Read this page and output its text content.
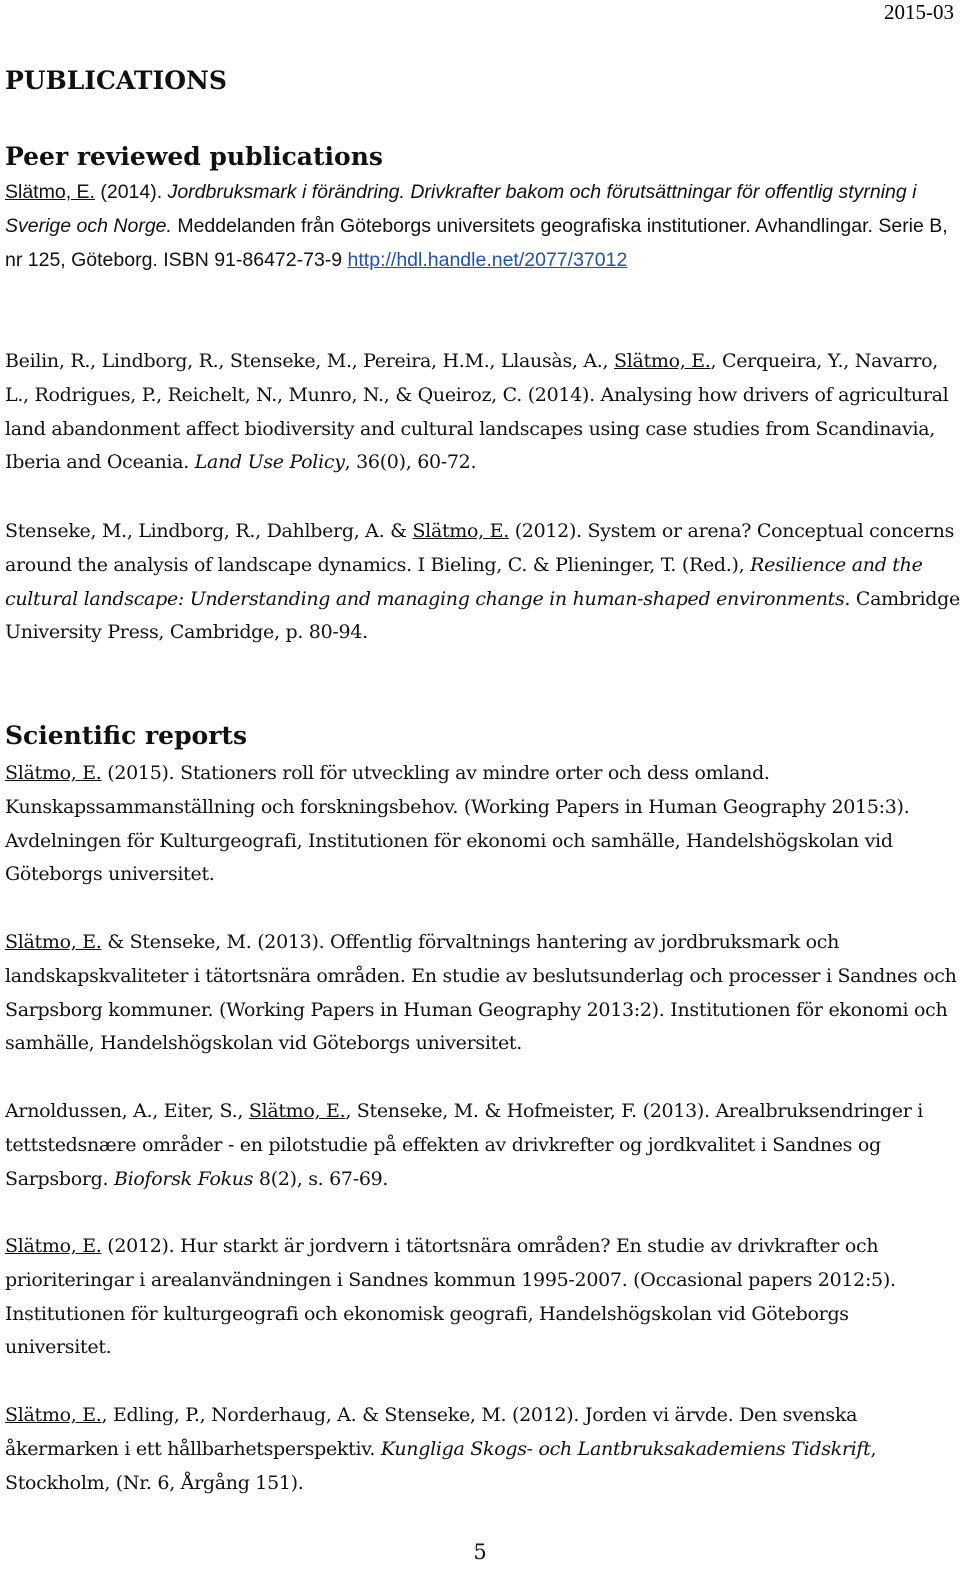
2015-03
PUBLICATIONS
Peer reviewed publications

Slätmo, E. (2014). Jordbruksmark i förändring. Drivkrafter bakom och förutsättningar för offentlig styrning i Sverige och Norge. Meddelanden från Göteborgs universitets geografiska institutioner. Avhandlingar. Serie B, nr 125, Göteborg. ISBN 91-86472-73-9 http://hdl.handle.net/2077/37012

Beilin, R., Lindborg, R., Stenseke, M., Pereira, H.M., Llausàs, A., Slätmo, E., Cerqueira, Y., Navarro, L., Rodrigues, P., Reichelt, N., Munro, N., & Queiroz, C. (2014). Analysing how drivers of agricultural land abandonment affect biodiversity and cultural landscapes using case studies from Scandinavia, Iberia and Oceania. Land Use Policy, 36(0), 60-72.

Stenseke, M., Lindborg, R., Dahlberg, A. & Slätmo, E. (2012). System or arena? Conceptual concerns around the analysis of landscape dynamics. I Bieling, C. & Plieninger, T. (Red.), Resilience and the cultural landscape: Understanding and managing change in human-shaped environments. Cambridge University Press, Cambridge, p. 80-94.

Scientific reports

Slätmo, E. (2015). Stationers roll för utveckling av mindre orter och dess omland. Kunskapssammanställning och forskningsbehov. (Working Papers in Human Geography 2015:3). Avdelningen för Kulturgeografi, Institutionen för ekonomi och samhälle, Handelshögskolan vid Göteborgs universitet.

Slätmo, E. & Stenseke, M. (2013). Offentlig förvaltnings hantering av jordbruksmark och landskapskvaliteter i tätortsnära områden. En studie av beslutsunderlag och processer i Sandnes och Sarpsborg kommuner. (Working Papers in Human Geography 2013:2). Institutionen för ekonomi och samhälle, Handelshögskolan vid Göteborgs universitet.

Arnoldussen, A., Eiter, S., Slätmo, E., Stenseke, M. & Hofmeister, F. (2013). Arealbruksendringer i tettstedsnære områder - en pilotstudie på effekten av drivkrefter og jordkvalitet i Sandnes og Sarpsborg. Bioforsk Fokus 8(2), s. 67-69.

Slätmo, E. (2012). Hur starkt är jordvern i tätortsnära områden? En studie av drivkrafter och prioriteringar i arealanvändningen i Sandnes kommun 1995-2007. (Occasional papers 2012:5). Institutionen för kulturgeografi och ekonomisk geografi, Handelshögskolan vid Göteborgs universitet.

Slätmo, E., Edling, P., Norderhaug, A. & Stenseke, M. (2012). Jorden vi ärvde. Den svenska åkermarken i ett hållbarhetsperspektiv. Kungliga Skogs- och Lantbruksakademiens Tidskrift, Stockholm, (Nr. 6, Årgång 151).

5
